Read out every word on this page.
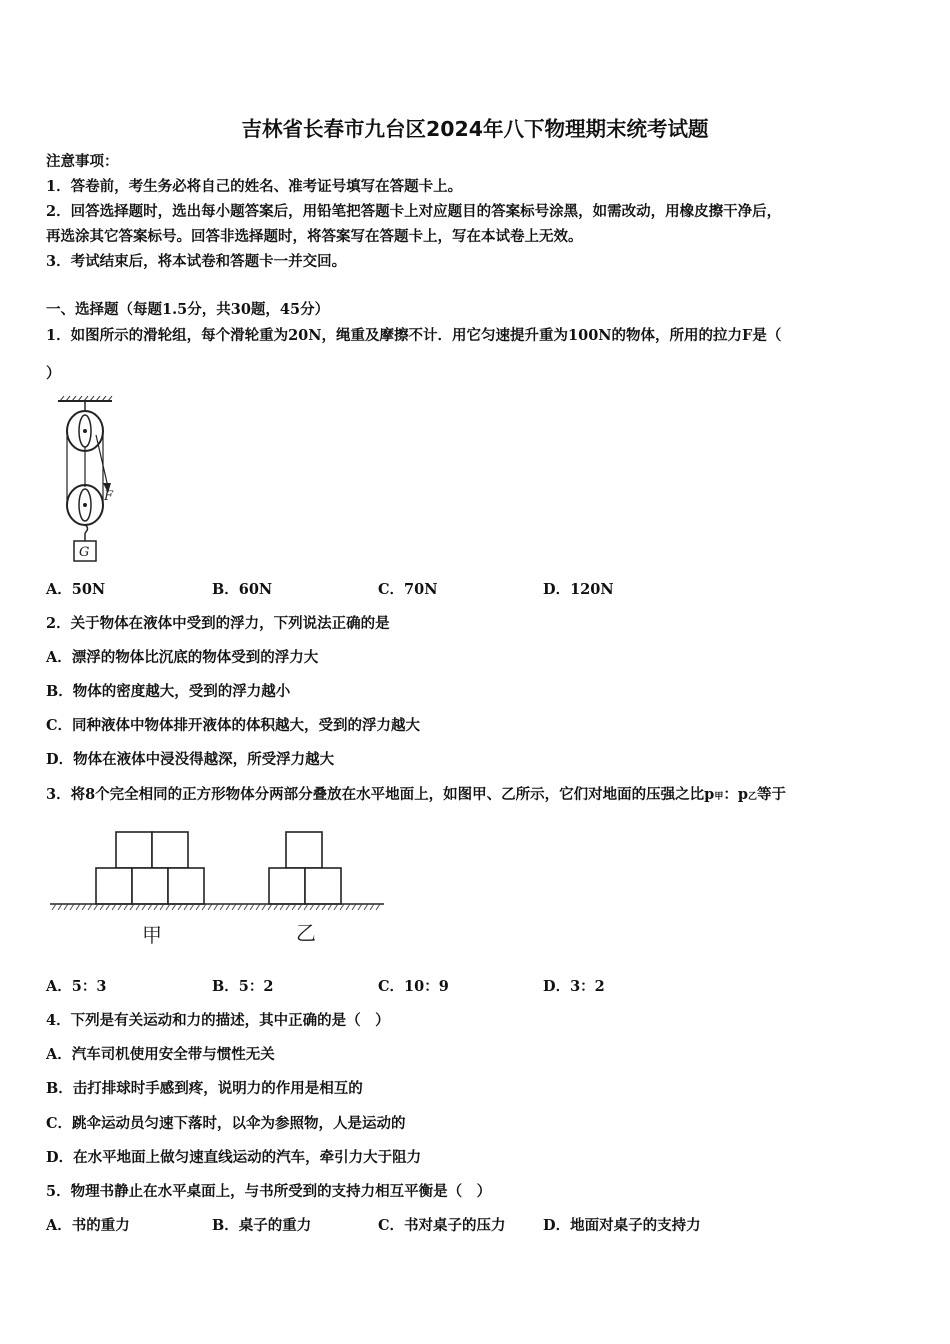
吉林省长春市九台区2024年八下物理期末统考试题
注意事项：
1．答卷前，考生务必将自己的姓名、准考证号填写在答题卡上。
2．回答选择题时，选出每小题答案后，用铅笔把答题卡上对应题目的答案标号涂黑，如需改动，用橡皮擦干净后，
再选涂其它答案标号。回答非选择题时，将答案写在答题卡上，写在本试卷上无效。
3．考试结束后，将本试卷和答题卡一并交回。
一、选择题（每题1.5分，共30题，45分）
1．如图所示的滑轮组，每个滑轮重为20N，绳重及摩擦不计．用它匀速提升重为100N的物体，所用的拉力F是（
）
F
G
A．50N	B．60N	C．70N	D．120N
2．关于物体在液体中受到的浮力，下列说法正确的是
A．漂浮的物体比沉底的物体受到的浮力大
B．物体的密度越大，受到的浮力越小
C．同种液体中物体排开液体的体积越大，受到的浮力越大
D．物体在液体中浸没得越深，所受浮力越大
3．将8个完全相同的正方形物体分两部分叠放在水平地面上，如图甲、乙所示，它们对地面的压强之比p甲：p乙等于
甲	乙
A．5：3	B．5：2	C．10：9	D．3：2
4．下列是有关运动和力的描述，其中正确的是（　）
A．汽车司机使用安全带与惯性无关
B．击打排球时手感到疼，说明力的作用是相互的
C．跳伞运动员匀速下落时，以伞为参照物，人是运动的
D．在水平地面上做匀速直线运动的汽车，牵引力大于阻力
5．物理书静止在水平桌面上，与书所受到的支持力相互平衡是（　）
A．书的重力	B．桌子的重力	C．书对桌子的压力	D．地面对桌子的支持力
